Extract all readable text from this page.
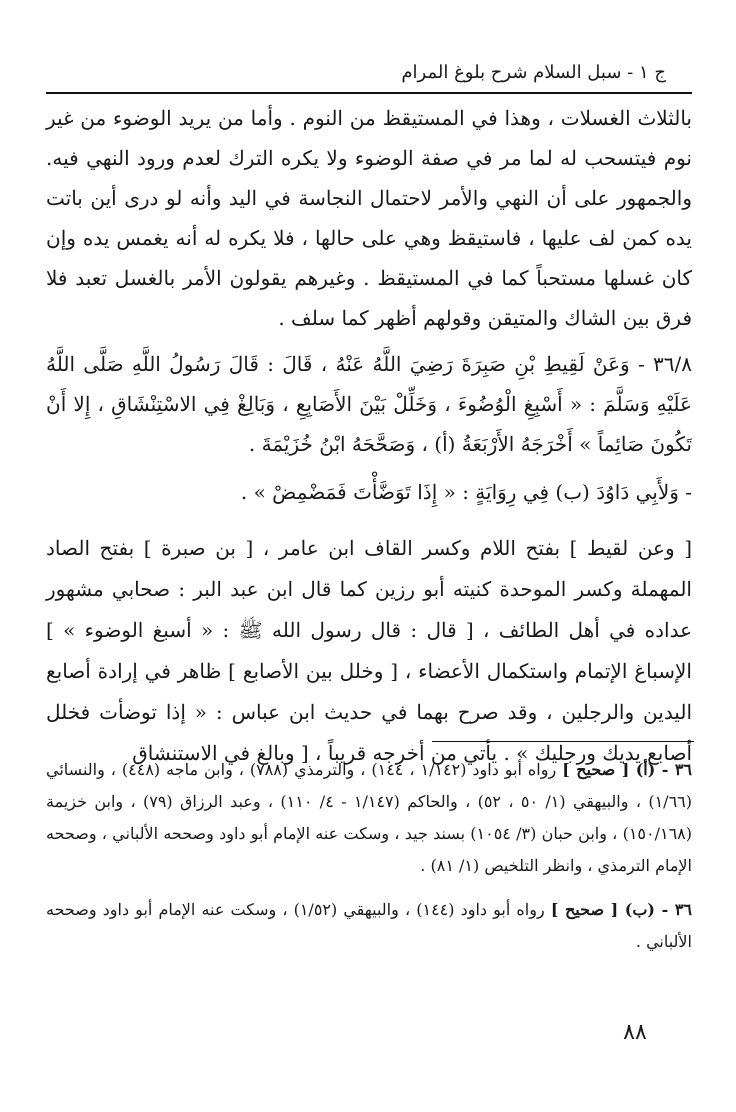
ج ١ - سبل السلام شرح بلوغ المرام

بالثلاث الغسلات ، وهذا في المستيقظ من النوم . وأما من يريد الوضوء من غير نوم فيتسحب له لما مر في صفة الوضوء ولا يكره الترك لعدم ورود النهي فيه. والجمهور على أن النهي والأمر لاحتمال النجاسة في اليد وأنه لو درى أين باتت يده كمن لف عليها ، فاستيقظ وهي على حالها ، فلا يكره له أنه يغمس يده وإن كان غسلها مستحباً كما في المستيقظ . وغيرهم يقولون الأمر بالغسل تعبد فلا فرق بين الشاك والمتيقن وقولهم أظهر كما سلف .

٣٦/٨ - وَعَنْ لَقِيطِ بْنِ صَبِرَةَ رَضِيَ اللَّهُ عَنْهُ ، قَالَ : قَالَ رَسُولُ اللَّهِ صَلَّى اللَّهُ عَلَيْهِ وَسَلَّمَ : « أَسْبِغِ الْوُضُوءَ ، وَخَلِّلْ بَيْنَ الأَصَابِعِ ، وَبَالِغْ فِي الاسْتِنْشَاقِ ، إِلا أَنْ تَكُونَ صَائِماً » أَخْرَجَهُ الأَرْبَعَةُ (أ) ، وَصَحَّحَهُ ابْنُ خُزَيْمَةَ .

- وَلأَبِي دَاوُدَ (ب) فِي رِوَايَةٍ : « إِذَا تَوَضَّأْتَ فَمَضْمِضْ » .

[ وعن لقيط ] بفتح اللام وكسر القاف ابن عامر ، [ بن صبرة ] بفتح الصاد المهملة وكسر الموحدة كنيته أبو رزين كما قال ابن عبد البر : صحابي مشهور عداده في أهل الطائف ، [ قال : قال رسول الله ﷺ : « أسبغ الوضوء » ] الإسباغ الإتمام واستكمال الأعضاء ، [ وخلل بين الأصابع ] ظاهر في إرادة أصابع اليدين والرجلين ، وقد صرح بهما في حديث ابن عباس : « إذا توضأت فخلل أصابع يديك ورجليك » . يأتي من أخرجه قريباً ، [ وبالغ في الاستنشاق

٣٦ - (أ) [ صحيح ] رواه أبو داود (١/١٤٢ ، ١٤٤) ، والترمذي (٧٨٨) ، وابن ماجه (٤٤٨) ، والنسائي (١/٦٦) ، والبيهقي (١/ ٥٠ ، ٥٢) ، والحاكم (١/١٤٧ - ٤/ ١١٠) ، وعبد الرزاق (٧٩) ، وابن خزيمة (١٥٠/١٦٨) ، وابن حبان (٣/ ١٠٥٤) بسند جيد ، وسكت عنه الإمام أبو داود وصححه الألباني ، وصححه الإمام الترمذي ، وانظر التلخيص (١/ ٨١) .

٣٦ - (ب) [ صحيح ] رواه أبو داود (١٤٤) ، والبيهقي (١/٥٢) ، وسكت عنه الإمام أبو داود وصححه الألباني .

٨٨
